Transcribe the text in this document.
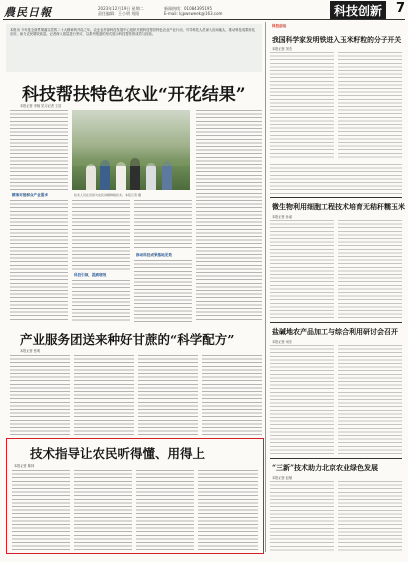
農民日報	2023年12月19日 星期二
责任编辑：王小明 刘阳
新闻热线：01084395195
E-mail: kjpwsweek@163.com	科技创新	7
本报讯 今年是全面贯彻落实党的二十大精神的开局之年。农业农村部科技发展中心组织开展科技帮扶特色农业产业行动，引导科技人员深入田间地头，推动科技成果转化应用，助力农民增收致富。记者深入基层进行采访，以系列报道的形式展示科技帮扶的成效与经验。
科技帮扶特色农业“开花结果”
本报记者 李晓 见习记者 王浩
精准对接群众产业需求	技术人员在田间为农民讲解种植技术。本报记者 摄
科技引领，提质增效
推动科技成果落地见效
产业服务团送来种好甘蔗的“科学配方”
本报记者 张明
技术指导让农民听得懂、用得上
本报记者 陈林
科技前沿
我国科学家发明铁进入玉米籽粒的分子开关
本报记者 刘杰
微生物利用细胞工程技术培育无秸秆糯玉米
本报记者 孙丽
盐碱地农产品加工与综合利用研讨会召开
本报记者 何东
“三新”技术助力北京农业绿色发展
本报记者 赵敏
